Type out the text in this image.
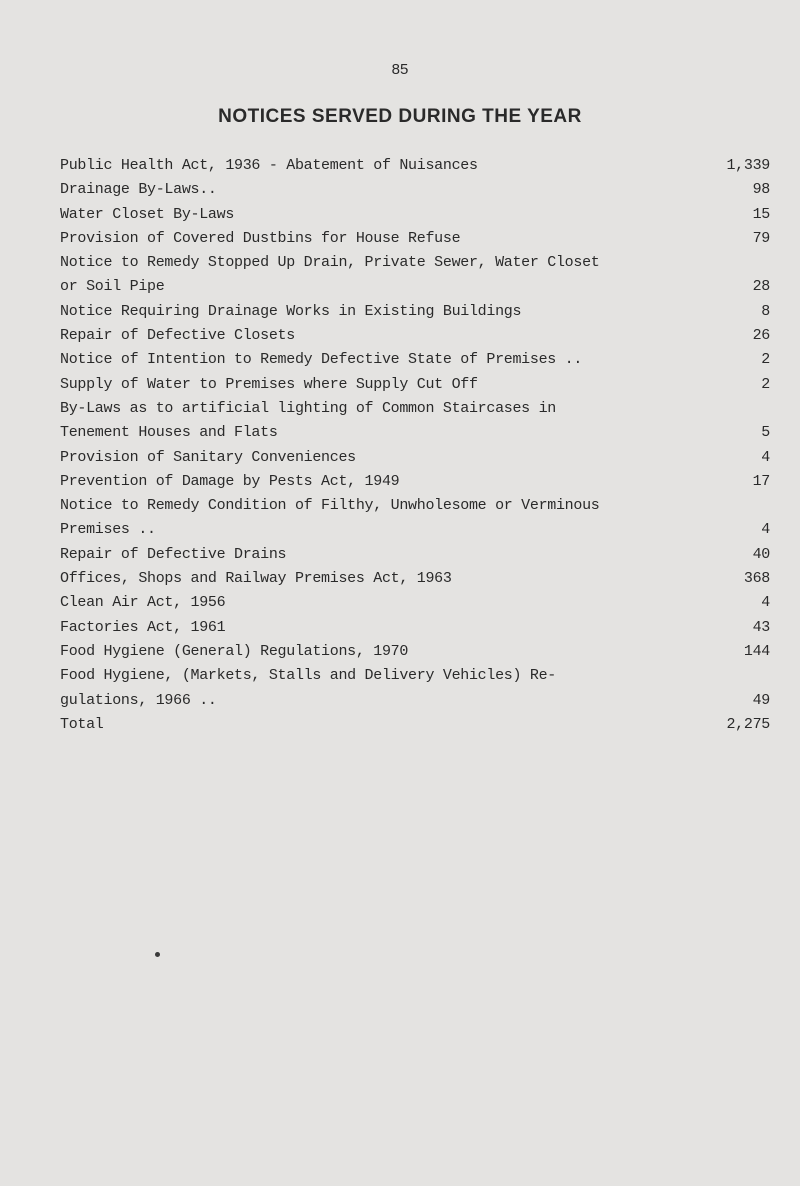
85
NOTICES SERVED DURING THE YEAR
Public Health Act, 1936 - Abatement of Nuisances	1,339
Drainage By-Laws..	98
Water Closet By-Laws	15
Provision of Covered Dustbins for House Refuse	79
Notice to Remedy Stopped Up Drain, Private Sewer, Water Closet
or Soil Pipe	28
Notice Requiring Drainage Works in Existing Buildings	8
Repair of Defective Closets	26
Notice of Intention to Remedy Defective State of Premises ..	2
Supply of Water to Premises where Supply Cut Off	2
By-Laws as to artificial lighting of Common Staircases in
Tenement Houses and Flats	5
Provision of Sanitary Conveniences	4
Prevention of Damage by Pests Act, 1949	17
Notice to Remedy Condition of Filthy, Unwholesome or Verminous
Premises ..	4
Repair of Defective Drains	40
Offices, Shops and Railway Premises Act, 1963	368
Clean Air Act, 1956	4
Factories Act, 1961	43
Food Hygiene (General) Regulations, 1970	144
Food Hygiene, (Markets, Stalls and Delivery Vehicles) Re-
gulations, 1966 ..	49
Total	2,275
